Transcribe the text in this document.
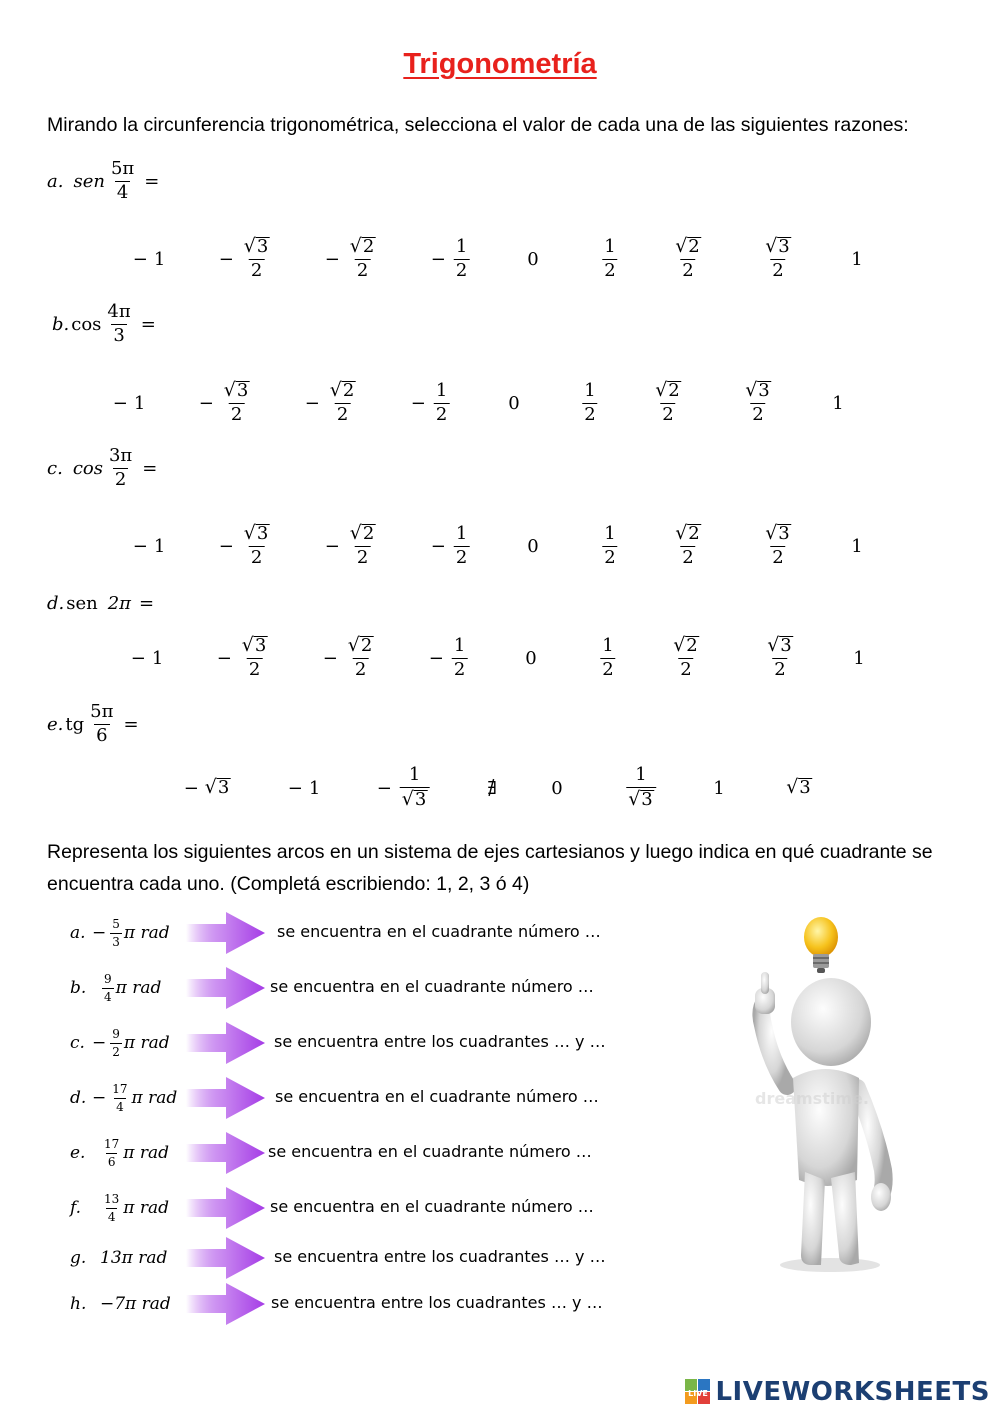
Trigonometría
Mirando la circunferencia trigonométrica, selecciona el valor de cada una de las siguientes razones:
a. sen $\frac{5\pi}{4}$ =
− 1	− $\frac{√ 3}{2}$	− $\frac{√ 2}{2}$	− $\frac{1}{2}$	0	$\frac{1}{2}$	$\frac{√ 2}{2}$	$\frac{√ 3}{2}$	1
b. $\cos \frac{4\pi}{3}$ =
− 1	− $\frac{√ 3}{2}$	− $\frac{√ 2}{2}$	− $\frac{1}{2}$	0	$\frac{1}{2}$	$\frac{√ 2}{2}$	$\frac{√ 3}{2}$	1
c. $\cos \frac{3\pi}{2}$ =
− 1	− $\frac{√ 3}{2}$	− $\frac{√ 2}{2}$	− $\frac{1}{2}$	0	$\frac{1}{2}$	$\frac{√ 2}{2}$	$\frac{√ 3}{2}$	1
d. sen 2π =
− 1	− $\frac{√ 3}{2}$	− $\frac{√ 2}{2}$	− $\frac{1}{2}$	0	$\frac{1}{2}$	$\frac{√ 2}{2}$	$\frac{√ 3}{2}$	1
e. tg $\frac{5\pi}{6}$ =
− √ 3	− 1	− $\frac{1}{√ 3}$	∄	0	$\frac{1}{√ 3}$	1	√ 3
Representa los siguientes arcos en un sistema de ejes cartesianos y luego indica en qué cuadrante se encuentra cada uno. (Completá escribiendo: 1, 2, 3 ó 4)
a. − $\frac{5}{3}$ π rad	se encuentra en el cuadrante número …
b.	$\frac{9}{4}$ π rad	se encuentra en el cuadrante número …
c. − $\frac{9}{2}$ π rad	se encuentra entre los cuadrantes … y …
d. − $\frac{17}{4}$ π rad	se encuentra en el cuadrante número …
e.	$\frac{17}{6}$ π rad	se encuentra en el cuadrante número …
f.	$\frac{13}{4}$ π rad	se encuentra en el cuadrante número …
g. 13π rad	se encuentra entre los cuadrantes … y …
h. −7π rad	se encuentra entre los cuadrantes … y …
dreamstime.
LIVE LIVEWORKSHEETS
